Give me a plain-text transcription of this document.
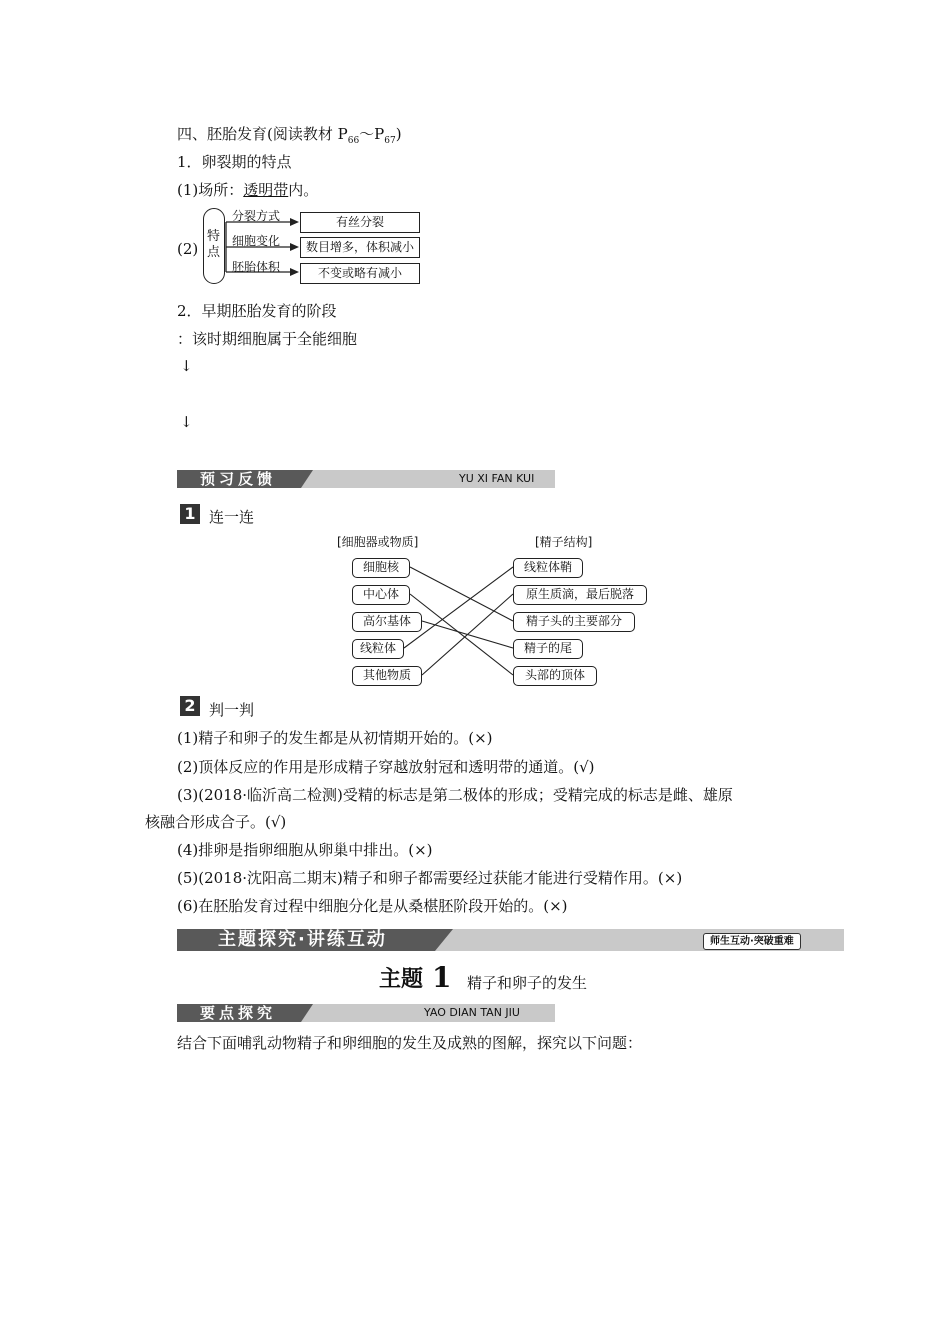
四、胚胎发育(阅读教材 $P_{66}\sim P_{67}$)
1．卵裂期的特点
(1)场所：透明带内。
(2)
特
点
分裂方式
细胞变化
胚胎体积
有丝分裂
数目增多，体积减小
不变或略有减小
2．早期胚胎发育的阶段
：该时期细胞属于全能细胞
↓
↓
预习反馈	YU XI FAN KUI
1 连一连
[细胞器或物质]	[精子结构]
细胞核
中心体
高尔基体
线粒体
其他物质
线粒体鞘
原生质滴，最后脱落
精子头的主要部分
精子的尾
头部的顶体
2 判一判
(1)精子和卵子的发生都是从初情期开始的。(×)
(2)顶体反应的作用是形成精子穿越放射冠和透明带的通道。(√)
(3)(2018·临沂高二检测)受精的标志是第二极体的形成；受精完成的标志是雌、雄原
核融合形成合子。(√)
(4)排卵是指卵细胞从卵巢中排出。(×)
(5)(2018·沈阳高二期末)精子和卵子都需要经过获能才能进行受精作用。(×)
(6)在胚胎发育过程中细胞分化是从桑椹胚阶段开始的。(×)
主题探究·讲练互动	师生互动·突破重难
主题 1 精子和卵子的发生
要点探究	YAO DIAN TAN JIU
结合下面哺乳动物精子和卵细胞的发生及成熟的图解，探究以下问题：
